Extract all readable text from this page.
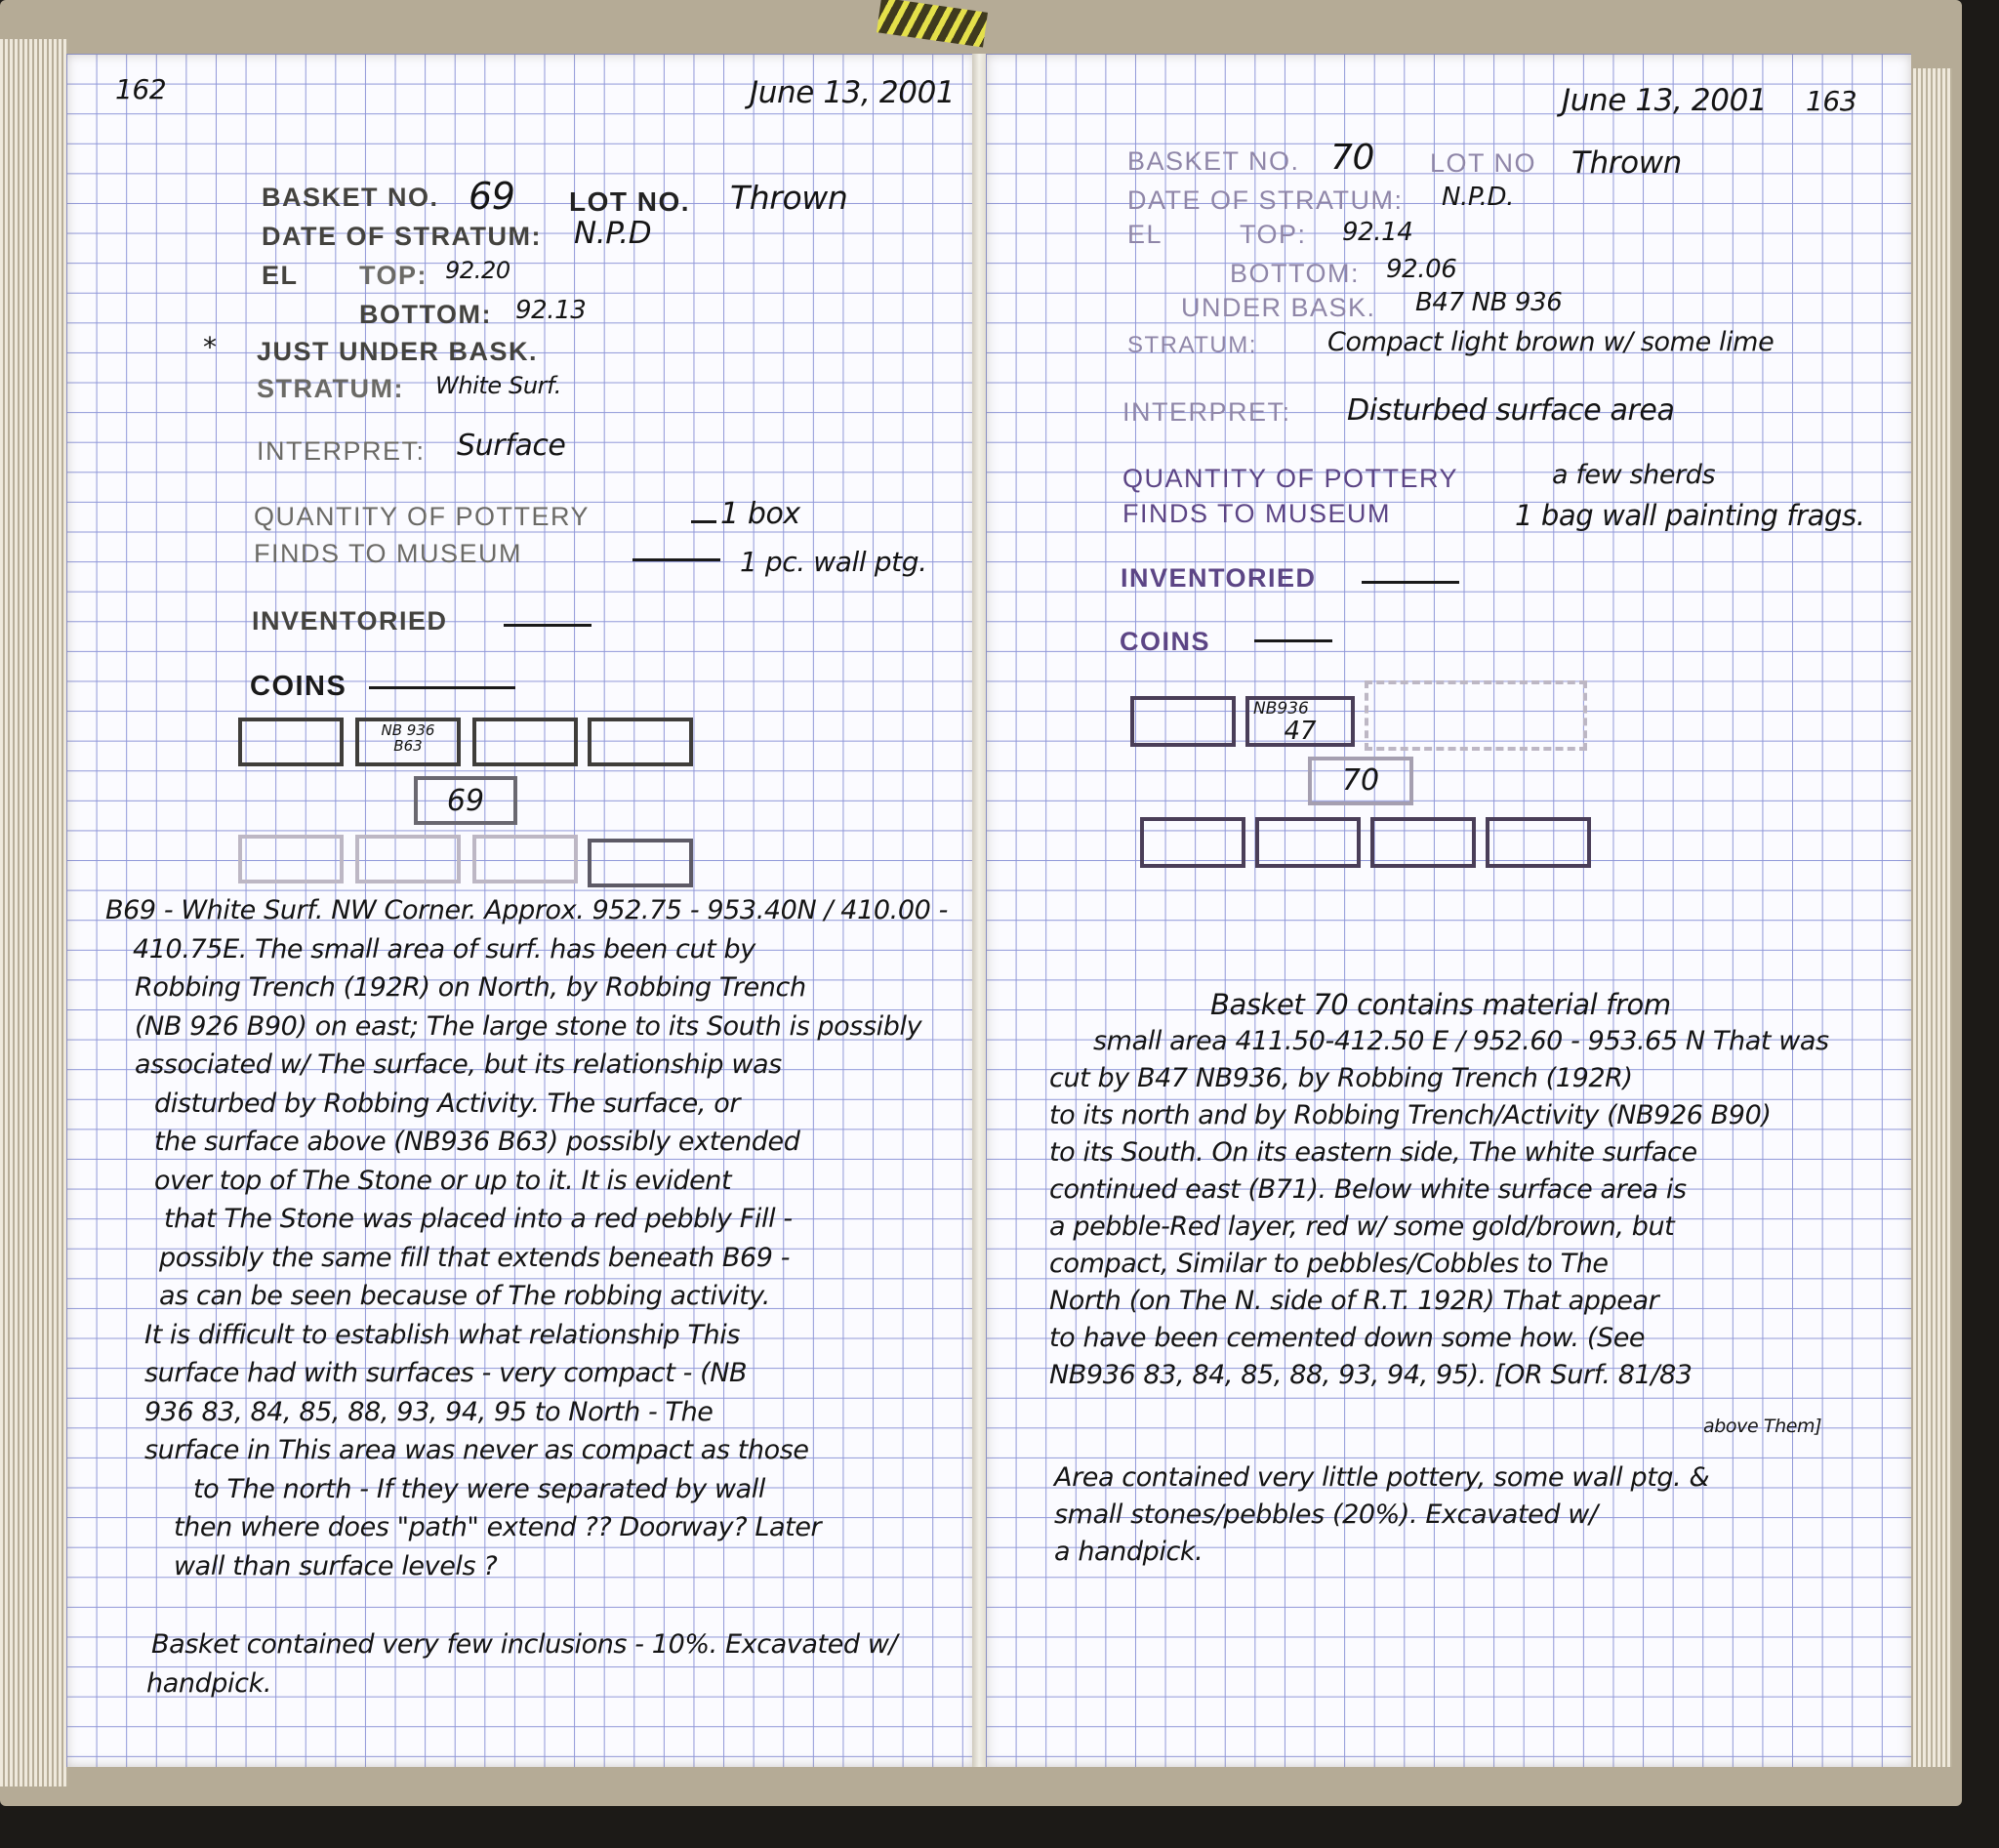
162	June 13, 2001
BASKET NO. 69 LOT NO. Thrown
DATE OF STRATUM: N.P.D
EL TOP: 92.20
BOTTOM: 92.13
* JUST UNDER BASK.
STRATUM: White Surf.
INTERPRET: Surface
QUANTITY OF POTTERY	1 box
FINDS TO MUSEUM	1 pc. wall ptg.
INVENTORIED
COINS
NB 936
B63
69

B69 - White Surf. NW Corner. Approx. 952.75 - 953.40N / 410.00 -

410.75E. The small area of surf. has been cut by

Robbing Trench (192R) on North, by Robbing Trench

(NB 926 B90) on east; The large stone to its South is possibly

associated w/ The surface, but its relationship was

disturbed by Robbing Activity. The surface, or

the surface above (NB936 B63) possibly extended

over top of The Stone or up to it. It is evident

that The Stone was placed into a red pebbly Fill -

possibly the same fill that extends beneath B69 -

as can be seen because of The robbing activity.

It is difficult to establish what relationship This

surface had with surfaces - very compact - (NB

936 83, 84, 85, 88, 93, 94, 95 to North - The

surface in This area was never as compact as those

to The north - If they were separated by wall

then where does "path" extend ?? Doorway? Later

wall than surface levels ?

Basket contained very few inclusions - 10%. Excavated w/

handpick.

June 13, 2001 163
BASKET NO. 70 LOT NO Thrown
DATE OF STRATUM: N.P.D.
EL	TOP: 92.14
BOTTOM: 92.06
UNDER BASK. B47 NB 936
STRATUM:	Compact light brown w/ some lime
INTERPRET: Disturbed surface area
QUANTITY OF POTTERY	a few sherds
FINDS TO MUSEUM	1 bag wall painting frags.
INVENTORIED
COINS
NB936
47
70

Basket 70 contains material from

small area 411.50-412.50 E / 952.60 - 953.65 N That was

cut by B47 NB936, by Robbing Trench (192R)

to its north and by Robbing Trench/Activity (NB926 B90)

to its South. On its eastern side, The white surface

continued east (B71). Below white surface area is

a pebble-Red layer, red w/ some gold/brown, but

compact, Similar to pebbles/Cobbles to The

North (on The N. side of R.T. 192R) That appear

to have been cemented down some how. (See

NB936 83, 84, 85, 88, 93, 94, 95). [OR Surf. 81/83

above Them]

Area contained very little pottery, some wall ptg. &

small stones/pebbles (20%). Excavated w/

a handpick.
